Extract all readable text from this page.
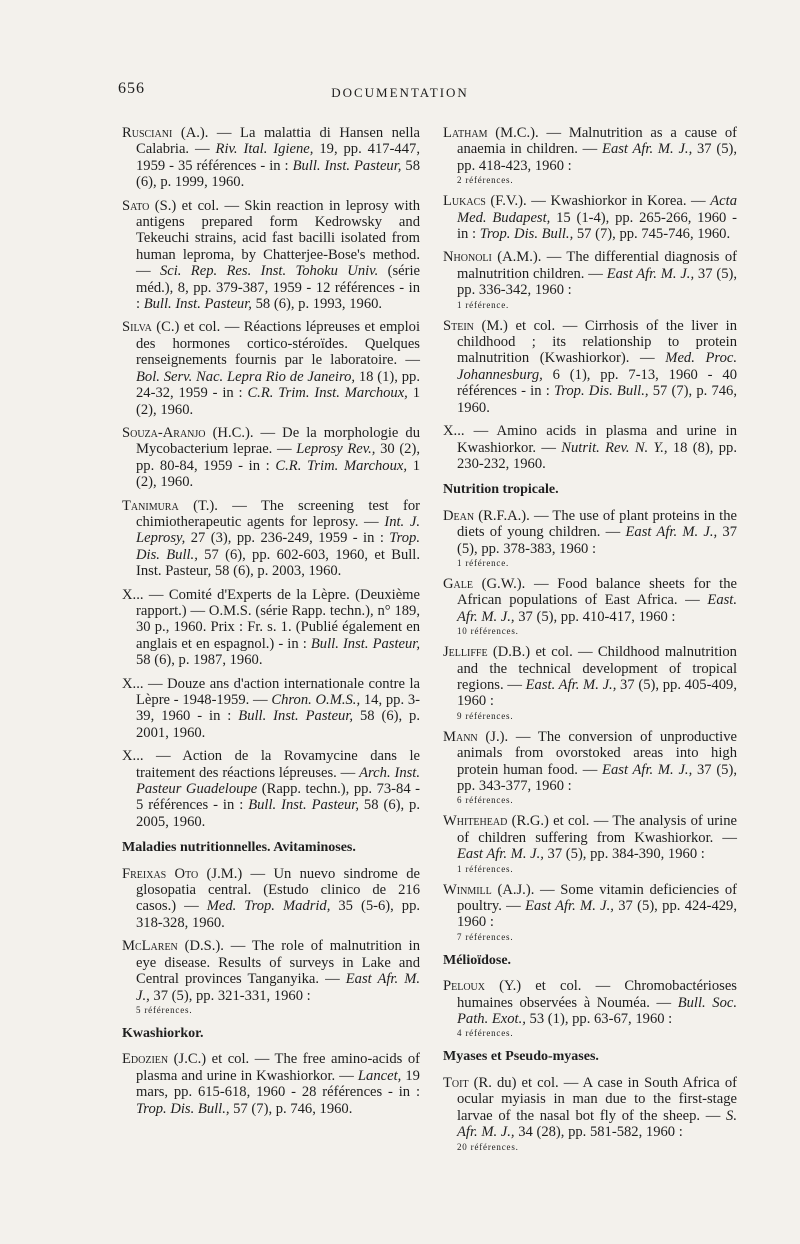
656	DOCUMENTATION

Rusciani (A.). — La malattia di Hansen nella Calabria. — Riv. Ital. Igiene, 19, pp. 417-447, 1959 - 35 références - in : Bull. Inst. Pasteur, 58 (6), p. 1999, 1960.

Sato (S.) et col. — Skin reaction in leprosy with antigens prepared form Kedrowsky and Tekeuchi strains, acid fast bacilli isolated from human leproma, by Chatterjee-Bose's method. — Sci. Rep. Res. Inst. Tohoku Univ. (série méd.), 8, pp. 379-387, 1959 - 12 références - in : Bull. Inst. Pasteur, 58 (6), p. 1993, 1960.

Silva (C.) et col. — Réactions lépreuses et emploi des hormones cortico-stéroïdes. Quelques renseignements fournis par le laboratoire. — Bol. Serv. Nac. Lepra Rio de Janeiro, 18 (1), pp. 24-32, 1959 - in : C.R. Trim. Inst. Marchoux, 1 (2), 1960.

Souza-Aranjo (H.C.). — De la morphologie du Mycobacterium leprae. — Leprosy Rev., 30 (2), pp. 80-84, 1959 - in : C.R. Trim. Marchoux, 1 (2), 1960.

Tanimura (T.). — The screening test for chimiotherapeutic agents for leprosy. — Int. J. Leprosy, 27 (3), pp. 236-249, 1959 - in : Trop. Dis. Bull., 57 (6), pp. 602-603, 1960, et Bull. Inst. Pasteur, 58 (6), p. 2003, 1960.

X... — Comité d'Experts de la Lèpre. (Deuxième rapport.) — O.M.S. (série Rapp. techn.), n° 189, 30 p., 1960. Prix : Fr. s. 1. (Publié également en anglais et en espagnol.) - in : Bull. Inst. Pasteur, 58 (6), p. 1987, 1960.

X... — Douze ans d'action internationale contre la Lèpre - 1948-1959. — Chron. O.M.S., 14, pp. 3-39, 1960 - in : Bull. Inst. Pasteur, 58 (6), p. 2001, 1960.

X... — Action de la Rovamycine dans le traitement des réactions lépreuses. — Arch. Inst. Pasteur Guadeloupe (Rapp. techn.), pp. 73-84 - 5 références - in : Bull. Inst. Pasteur, 58 (6), p. 2005, 1960.

Maladies nutritionnelles. Avitaminoses.

Freixas Oto (J.M.) — Un nuevo sindrome de glosopatia central. (Estudo clinico de 216 casos.) — Med. Trop. Madrid, 35 (5-6), pp. 318-328, 1960.

McLaren (D.S.). — The role of malnutrition in eye disease. Results of surveys in Lake and Central provinces Tanganyika. — East Afr. M. J., 37 (5), pp. 321-331, 1960 :
5 références.

Kwashiorkor.

Edozien (J.C.) et col. — The free amino-acids of plasma and urine in Kwashiorkor. — Lancet, 19 mars, pp. 615-618, 1960 - 28 références - in : Trop. Dis. Bull., 57 (7), p. 746, 1960.

Latham (M.C.). — Malnutrition as a cause of anaemia in children. — East Afr. M. J., 37 (5), pp. 418-423, 1960 :
2 références.

Lukacs (F.V.). — Kwashiorkor in Korea. — Acta Med. Budapest, 15 (1-4), pp. 265-266, 1960 - in : Trop. Dis. Bull., 57 (7), pp. 745-746, 1960.

Nhonoli (A.M.). — The differential diagnosis of malnutrition children. — East Afr. M. J., 37 (5), pp. 336-342, 1960 :
1 référence.

Stein (M.) et col. — Cirrhosis of the liver in childhood ; its relationship to protein malnutrition (Kwashiorkor). — Med. Proc. Johannesburg, 6 (1), pp. 7-13, 1960 - 40 références - in : Trop. Dis. Bull., 57 (7), p. 746, 1960.

X... — Amino acids in plasma and urine in Kwashiorkor. — Nutrit. Rev. N. Y., 18 (8), pp. 230-232, 1960.

Nutrition tropicale.

Dean (R.F.A.). — The use of plant proteins in the diets of young children. — East Afr. M. J., 37 (5), pp. 378-383, 1960 :
1 référence.

Gale (G.W.). — Food balance sheets for the African populations of East Africa. — East. Afr. M. J., 37 (5), pp. 410-417, 1960 :
10 références.

Jelliffe (D.B.) et col. — Childhood malnutrition and the technical development of tropical regions. — East. Afr. M. J., 37 (5), pp. 405-409, 1960 :
9 références.

Mann (J.). — The conversion of unproductive animals from ovorstoked areas into high protein human food. — East Afr. M. J., 37 (5), pp. 343-377, 1960 :
6 références.

Whitehead (R.G.) et col. — The analysis of urine of children suffering from Kwashiorkor. — East Afr. M. J., 37 (5), pp. 384-390, 1960 :
1 références.

Winmill (A.J.). — Some vitamin deficiencies of poultry. — East Afr. M. J., 37 (5), pp. 424-429, 1960 :
7 références.

Mélioïdose.

Peloux (Y.) et col. — Chromobactérioses humaines observées à Nouméa. — Bull. Soc. Path. Exot., 53 (1), pp. 63-67, 1960 :
4 références.

Myases et Pseudo-myases.

Toit (R. du) et col. — A case in South Africa of ocular myiasis in man due to the first-stage larvae of the nasal bot fly of the sheep. — S. Afr. M. J., 34 (28), pp. 581-582, 1960 :
20 références.
